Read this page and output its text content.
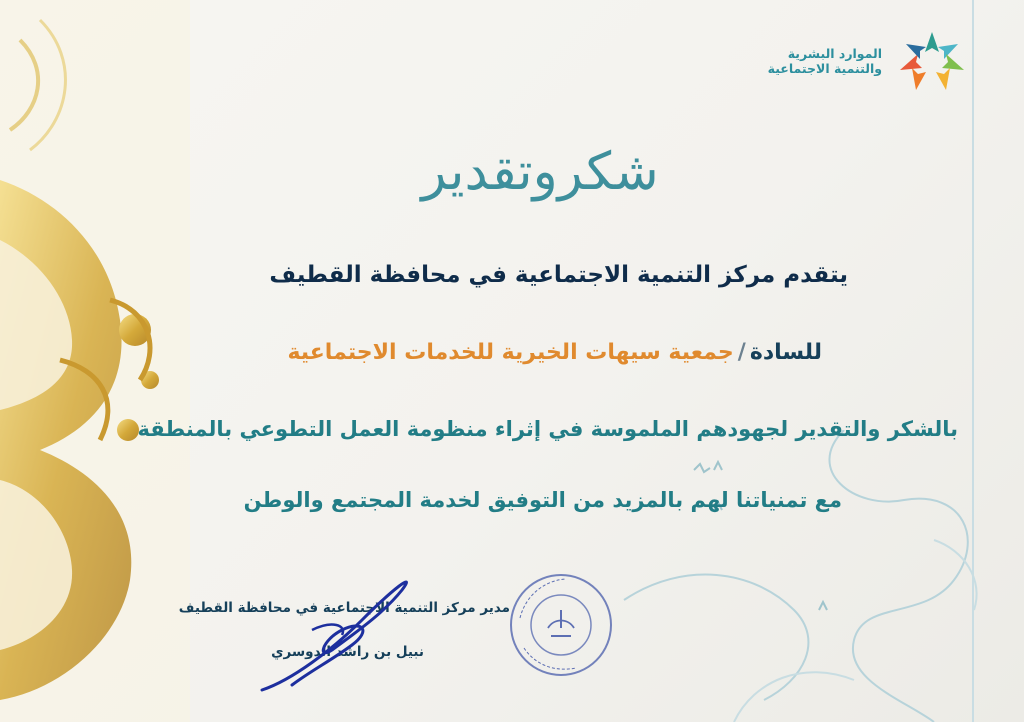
الموارد البشرية
والتنمية الاجتماعية
شكروتقدير
يتقدم مركز التنمية الاجتماعية في محافظة القطيف
للسادة/جمعية سيهات الخيرية للخدمات الاجتماعية
بالشكر والتقدير لجهودهم الملموسة في إثراء منظومة العمل التطوعي بالمنطقة
مع تمنياتنا لهم بالمزيد من التوفيق لخدمة المجتمع والوطن
مدير مركز التنمية الاجتماعية في محافظة القطيف
نبيل بن راشد الدوسري
